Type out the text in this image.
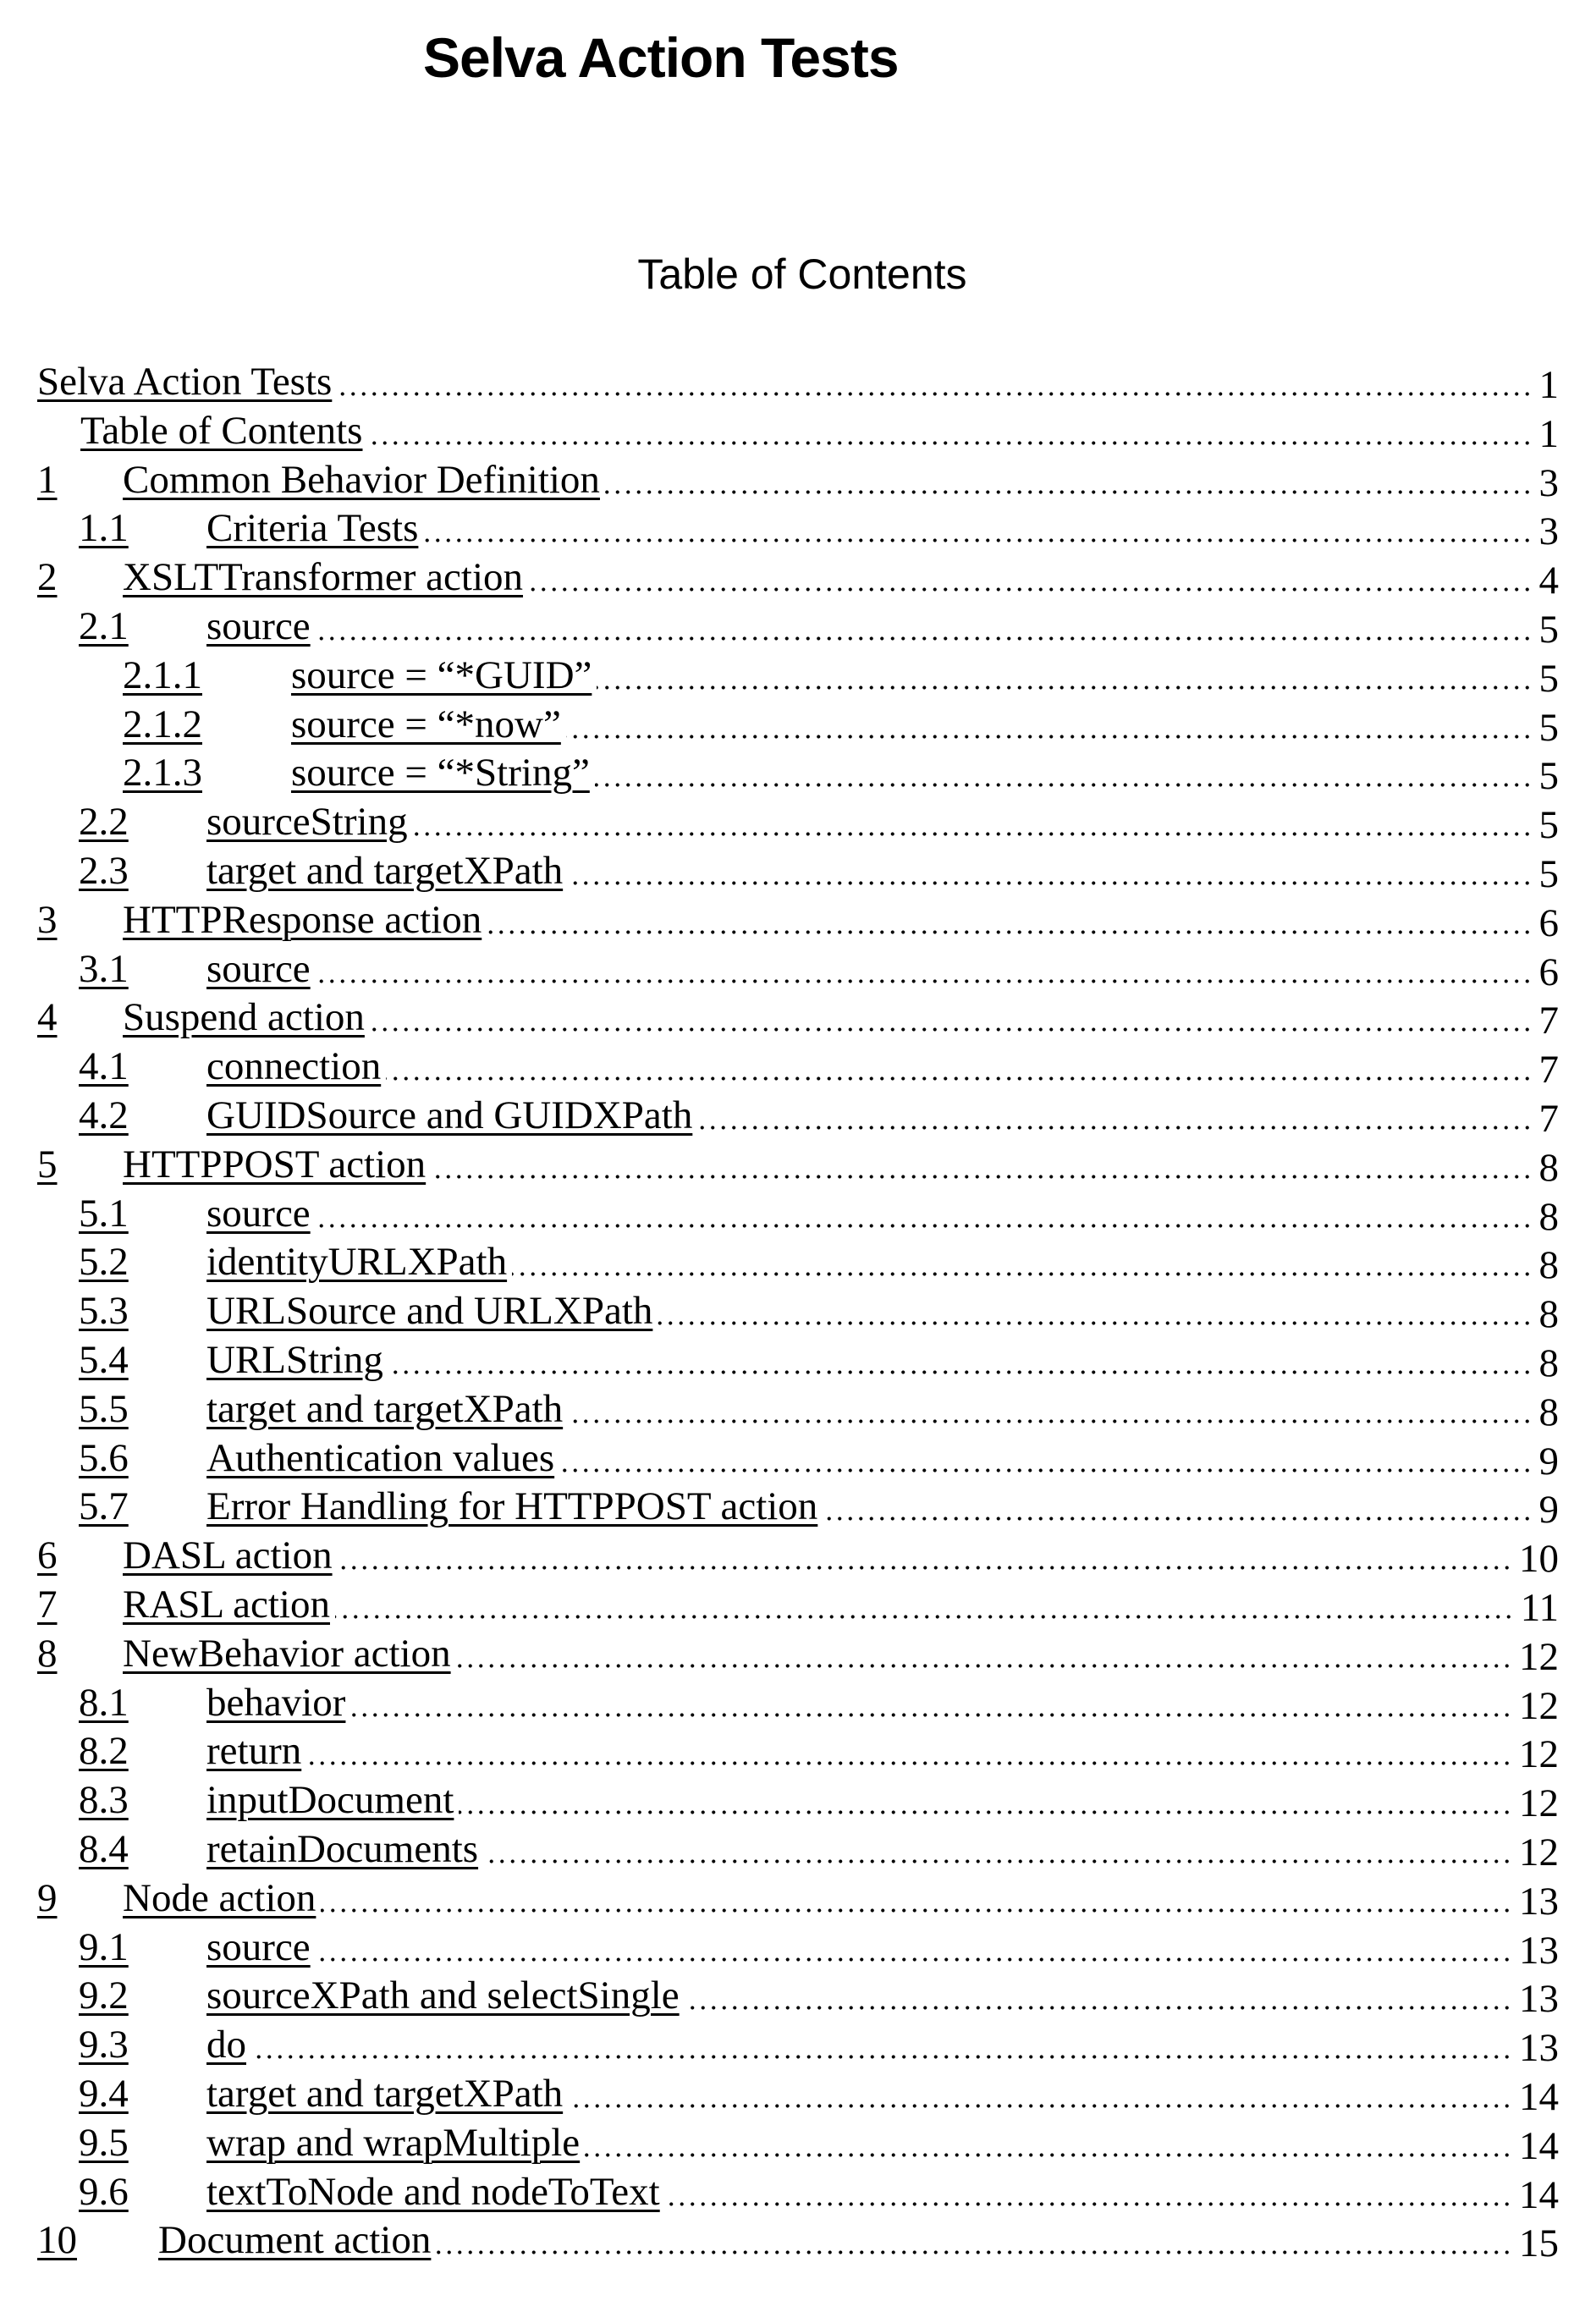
Selva Action Tests
Table of Contents
Selva Action Tests	1
Table of Contents	1
1 Common Behavior Definition	3
1.1 Criteria Tests	3
2 XSLTTransformer action	4
2.1 source	5
2.1.1 source = “*GUID”	5
2.1.2 source = “*now”	5
2.1.3 source = “*String”	5
2.2 sourceString	5
2.3 target and targetXPath	5
3 HTTPResponse action	6
3.1 source	6
4 Suspend action	7
4.1 connection	7
4.2 GUIDSource and GUIDXPath	7
5 HTTPPOST action	8
5.1 source	8
5.2 identityURLXPath	8
5.3 URLSource and URLXPath	8
5.4 URLString	8
5.5 target and targetXPath	8
5.6 Authentication values	9
5.7 Error Handling for HTTPPOST action	9
6 DASL action	10
7 RASL action	11
8 NewBehavior action	12
8.1 behavior	12
8.2 return	12
8.3 inputDocument	12
8.4 retainDocuments	12
9 Node action	13
9.1 source	13
9.2 sourceXPath and selectSingle	13
9.3 do	13
9.4 target and targetXPath	14
9.5 wrap and wrapMultiple	14
9.6 textToNode and nodeToText	14
10 Document action	15
